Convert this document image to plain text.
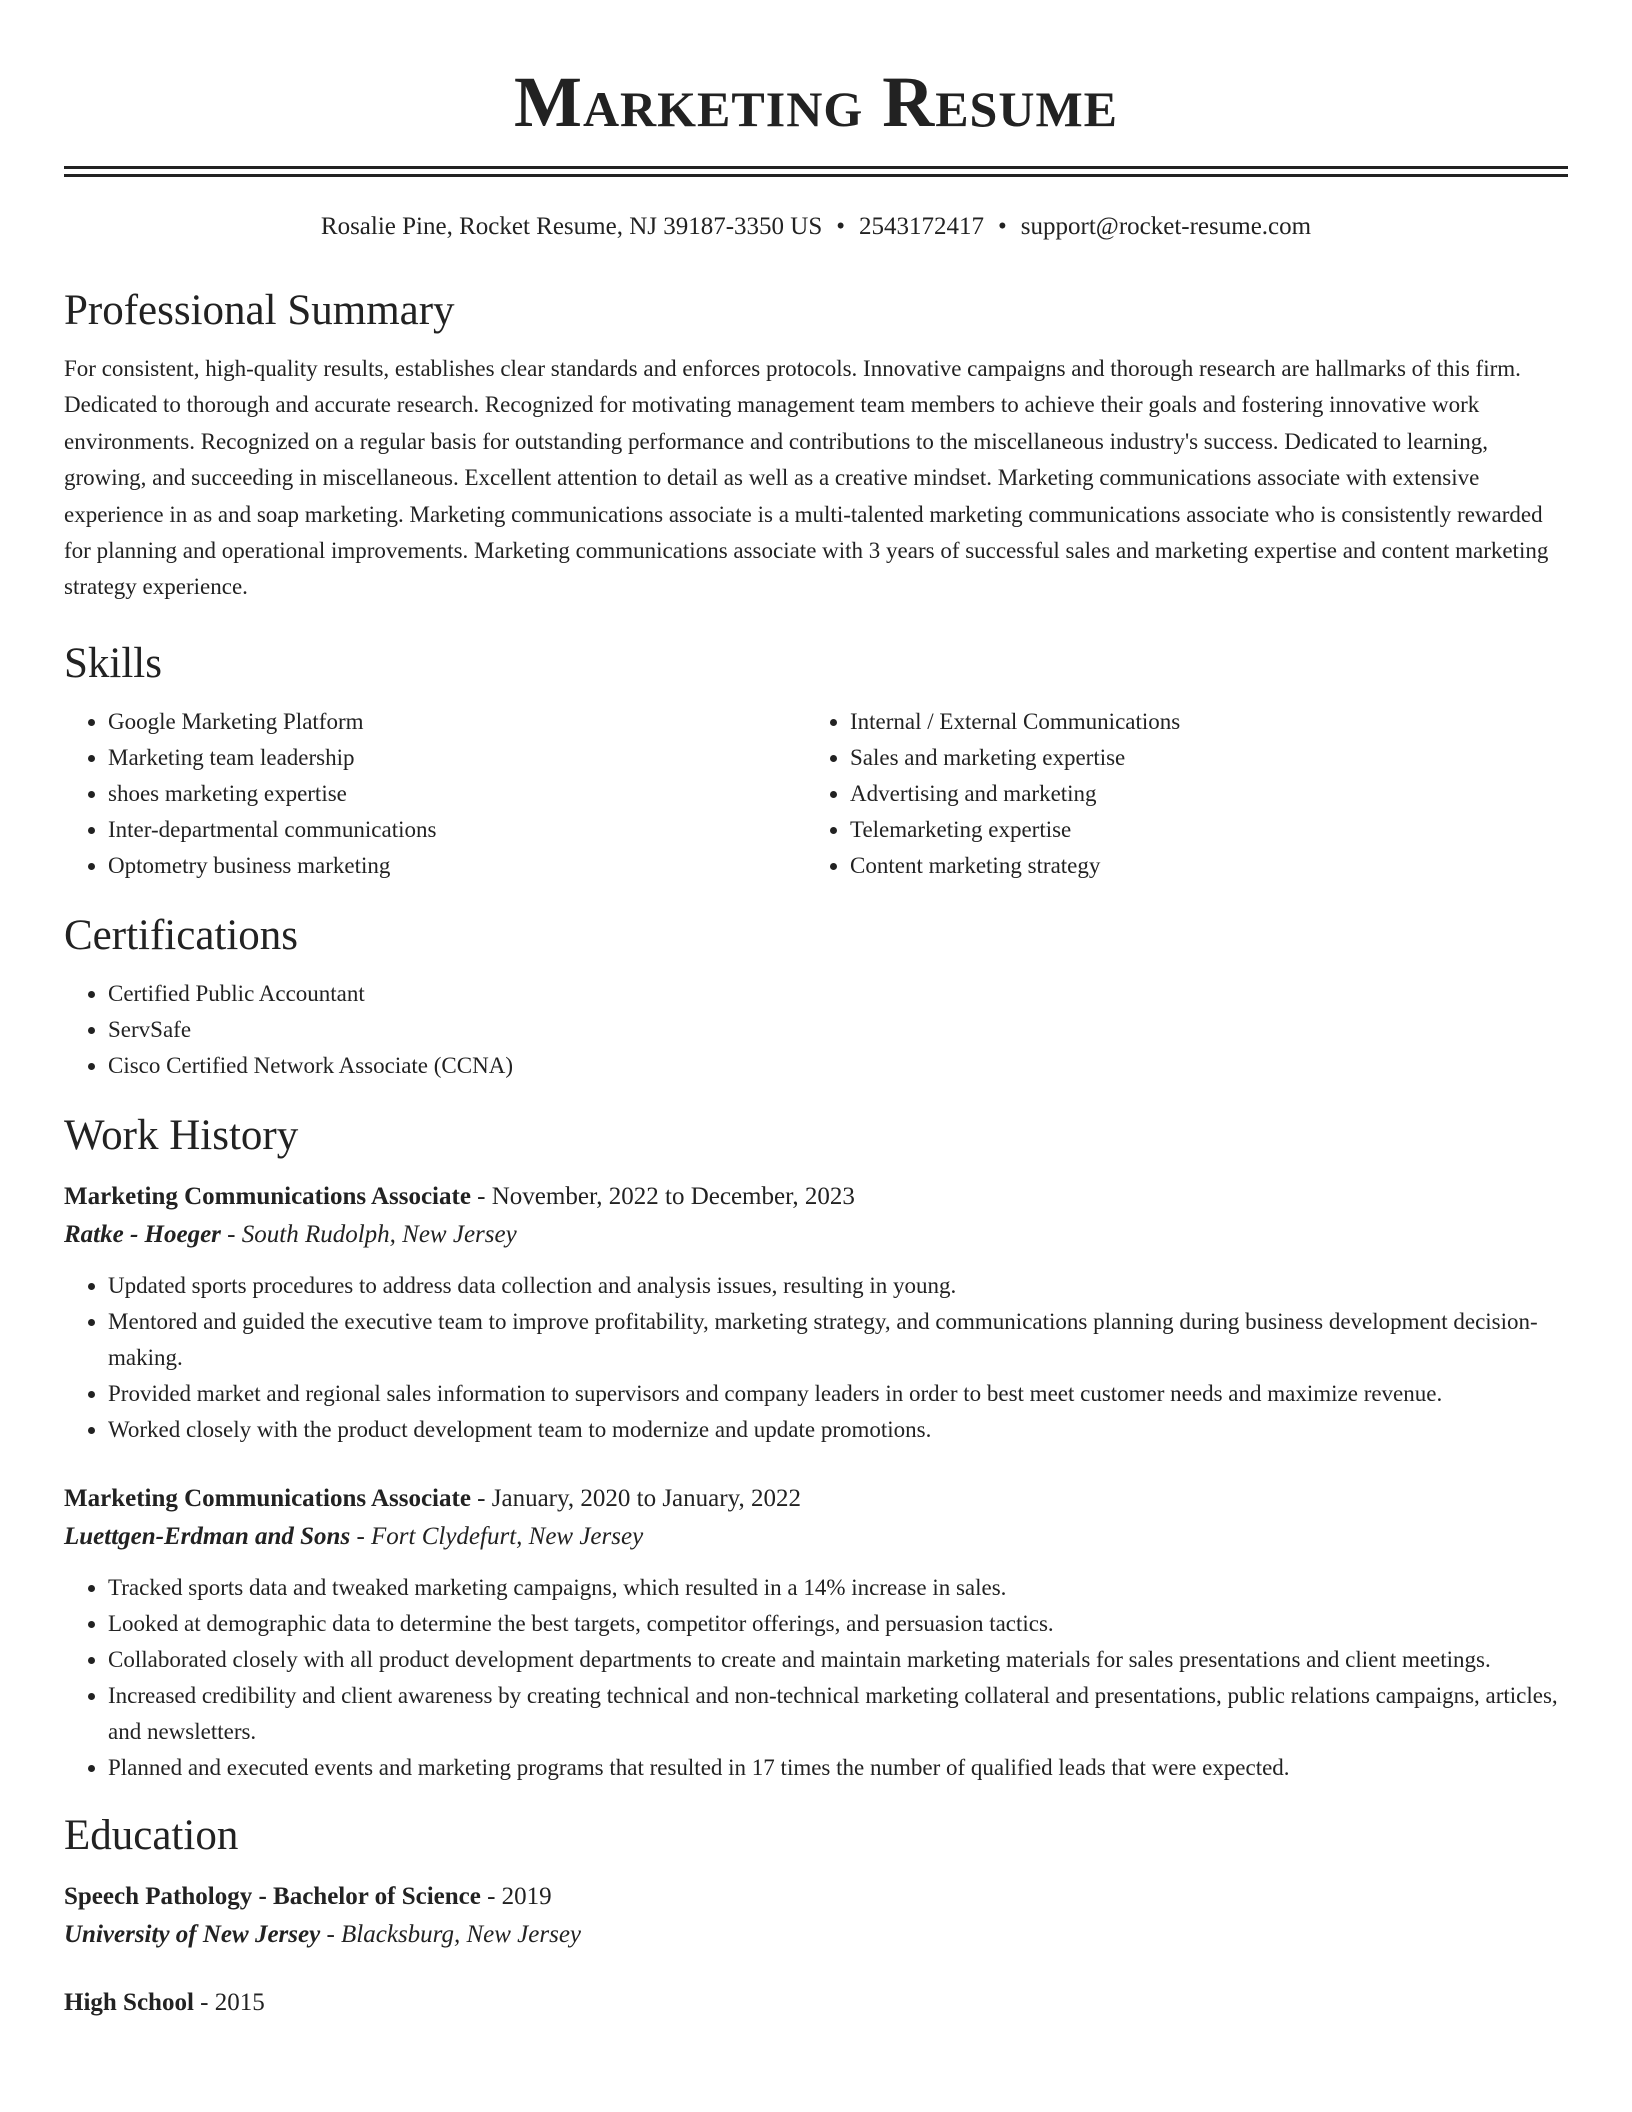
Marketing Resume
Rosalie Pine, Rocket Resume, NJ 39187-3350 US • 2543172417 • support@rocket-resume.com
Professional Summary

For consistent, high-quality results, establishes clear standards and enforces protocols. Innovative campaigns and thorough research are hallmarks of this firm. Dedicated to thorough and accurate research. Recognized for motivating management team members to achieve their goals and fostering innovative work environments. Recognized on a regular basis for outstanding performance and contributions to the miscellaneous industry's success. Dedicated to learning, growing, and succeeding in miscellaneous. Excellent attention to detail as well as a creative mindset. Marketing communications associate with extensive experience in as and soap marketing. Marketing communications associate is a multi-talented marketing communications associate who is consistently rewarded for planning and operational improvements. Marketing communications associate with 3 years of successful sales and marketing expertise and content marketing strategy experience.

Skills
• Google Marketing Platform
• Marketing team leadership
• shoes marketing expertise
• Inter-departmental communications
• Optometry business marketing
• Internal / External Communications
• Sales and marketing expertise
• Advertising and marketing
• Telemarketing expertise
• Content marketing strategy
Certifications
• Certified Public Accountant
• ServSafe
• Cisco Certified Network Associate (CCNA)
Work History
Marketing Communications Associate - November, 2022 to December, 2023
Ratke - Hoeger - South Rudolph, New Jersey
• Updated sports procedures to address data collection and analysis issues, resulting in young.
• Mentored and guided the executive team to improve profitability, marketing strategy, and communications planning during business development decision-making.
• Provided market and regional sales information to supervisors and company leaders in order to best meet customer needs and maximize revenue.
• Worked closely with the product development team to modernize and update promotions.
Marketing Communications Associate - January, 2020 to January, 2022
Luettgen-Erdman and Sons - Fort Clydefurt, New Jersey
• Tracked sports data and tweaked marketing campaigns, which resulted in a 14% increase in sales.
• Looked at demographic data to determine the best targets, competitor offerings, and persuasion tactics.
• Collaborated closely with all product development departments to create and maintain marketing materials for sales presentations and client meetings.
• Increased credibility and client awareness by creating technical and non-technical marketing collateral and presentations, public relations campaigns, articles, and newsletters.
• Planned and executed events and marketing programs that resulted in 17 times the number of qualified leads that were expected.
Education
Speech Pathology - Bachelor of Science - 2019
University of New Jersey - Blacksburg, New Jersey
High School - 2015
